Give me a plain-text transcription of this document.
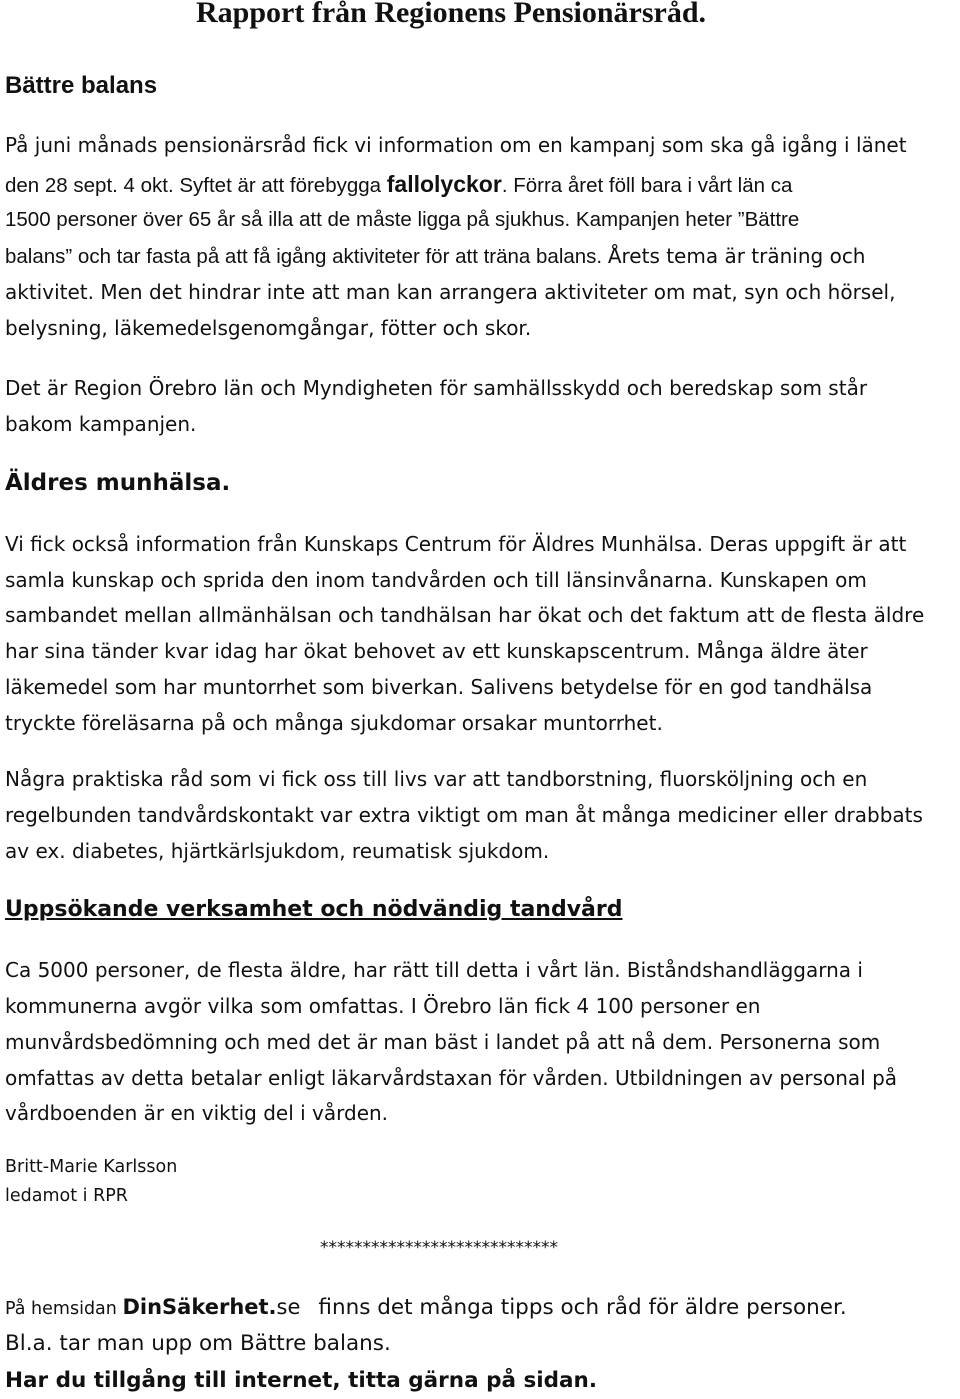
Rapport från Regionens Pensionärsråd.
Bättre balans
På juni månads pensionärsråd fick vi information om en kampanj som ska gå igång i länet
den 28 sept. 4 okt. Syftet är att förebygga fallolyckor. Förra året föll bara i vårt län ca
1500 personer över 65 år så illa att de måste ligga på sjukhus. Kampanjen heter ”Bättre
balans” och tar fasta på att få igång aktiviteter för att träna balans. Årets tema är träning och
aktivitet. Men det hindrar inte att man kan arrangera aktiviteter om mat, syn och hörsel,
belysning, läkemedelsgenomgångar, fötter och skor.
Det är Region Örebro län och Myndigheten för samhällsskydd och beredskap som står
bakom kampanjen.
Äldres munhälsa.
Vi fick också information från Kunskaps Centrum för Äldres Munhälsa. Deras uppgift är att
samla kunskap och sprida den inom tandvården och till länsinvånarna. Kunskapen om
sambandet mellan allmänhälsan och tandhälsan har ökat och det faktum att de flesta äldre
har sina tänder kvar idag har ökat behovet av ett kunskapscentrum. Många äldre äter
läkemedel som har muntorrhet som biverkan. Salivens betydelse för en god tandhälsa
tryckte föreläsarna på och många sjukdomar orsakar muntorrhet.
Några praktiska råd som vi fick oss till livs var att tandborstning, fluorsköljning och en
regelbunden tandvårdskontakt var extra viktigt om man åt många mediciner eller drabbats
av ex. diabetes, hjärtkärlsjukdom, reumatisk sjukdom.
Uppsökande verksamhet och nödvändig tandvård
Ca 5000 personer, de flesta äldre, har rätt till detta i vårt län. Biståndshandläggarna i
kommunerna avgör vilka som omfattas. I Örebro län fick 4 100 personer en
munvårdsbedömning och med det är man bäst i landet på att nå dem. Personerna som
omfattas av detta betalar enligt läkarvårdstaxan för vården. Utbildningen av personal på
vårdboenden är en viktig del i vården.
Britt-Marie Karlsson
ledamot i RPR
****************************
På hemsidan DinSäkerhet.se finns det många tipps och råd för äldre personer.
Bl.a. tar man upp om Bättre balans.
Har du tillgång till internet, titta gärna på sidan.
